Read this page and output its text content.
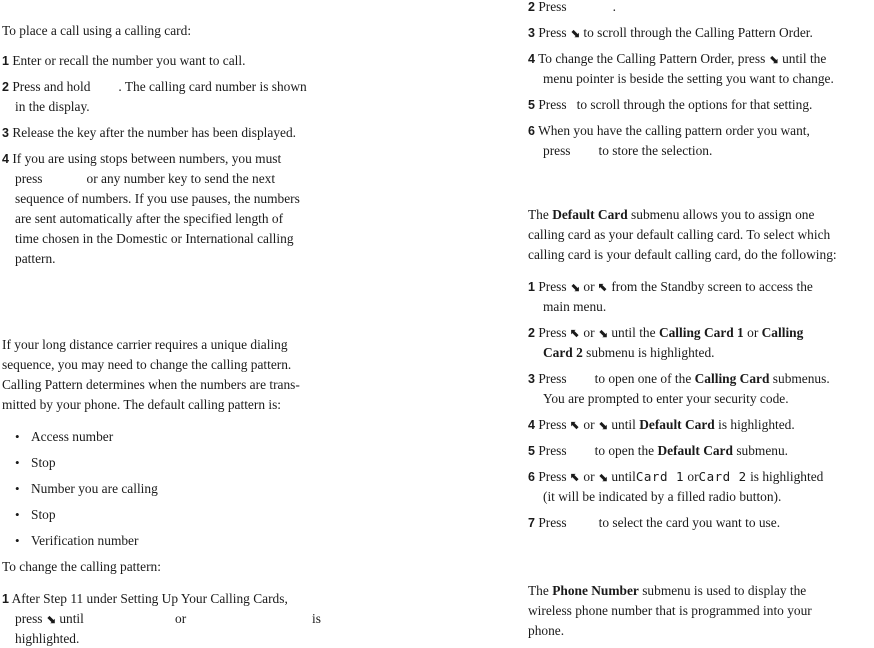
To place a call using a calling card:
1 Enter or recall the number you want to call.
2 Press and hold . The calling card number is shown
in the display.
3 Release the key after the number has been displayed.
4 If you are using stops between numbers, you must
press	or any number key to send the next
sequence of numbers. If you use pauses, the numbers
are sent automatically after the specified length of
time chosen in the Domestic or International calling
pattern.
If your long distance carrier requires a unique dialing
sequence, you may need to change the calling pattern.
Calling Pattern determines when the numbers are trans-
mitted by your phone. The default calling pattern is:
• Access number
• Stop
• Number you are calling
• Stop
• Verification number
To change the calling pattern:
1 After Step 11 under Setting Up Your Calling Cards,
press ⬊ until	or	is
highlighted.
2 Press	.
3 Press ⬊ to scroll through the Calling Pattern Order.
4 To change the Calling Pattern Order, press ⬊ until the
menu pointer is beside the setting you want to change.
5 Press to scroll through the options for that setting.
6 When you have the calling pattern order you want,
press to store the selection.
The Default Card submenu allows you to assign one
calling card as your default calling card. To select which
calling card is your default calling card, do the following:
1 Press ⬊ or ⬉ from the Standby screen to access the
main menu.
2 Press ⬉ or ⬊ until the Calling Card 1 or Calling
Card 2 submenu is highlighted.
3 Press to open one of the Calling Card submenus.
You are prompted to enter your security code.
4 Press ⬉ or ⬊ until Default Card is highlighted.
5 Press to open the Default Card submenu.
6 Press ⬉ or ⬊ untilCard 1 orCard 2 is highlighted
(it will be indicated by a filled radio button).
7 Press to select the card you want to use.
The Phone Number submenu is used to display the
wireless phone number that is programmed into your
phone.
